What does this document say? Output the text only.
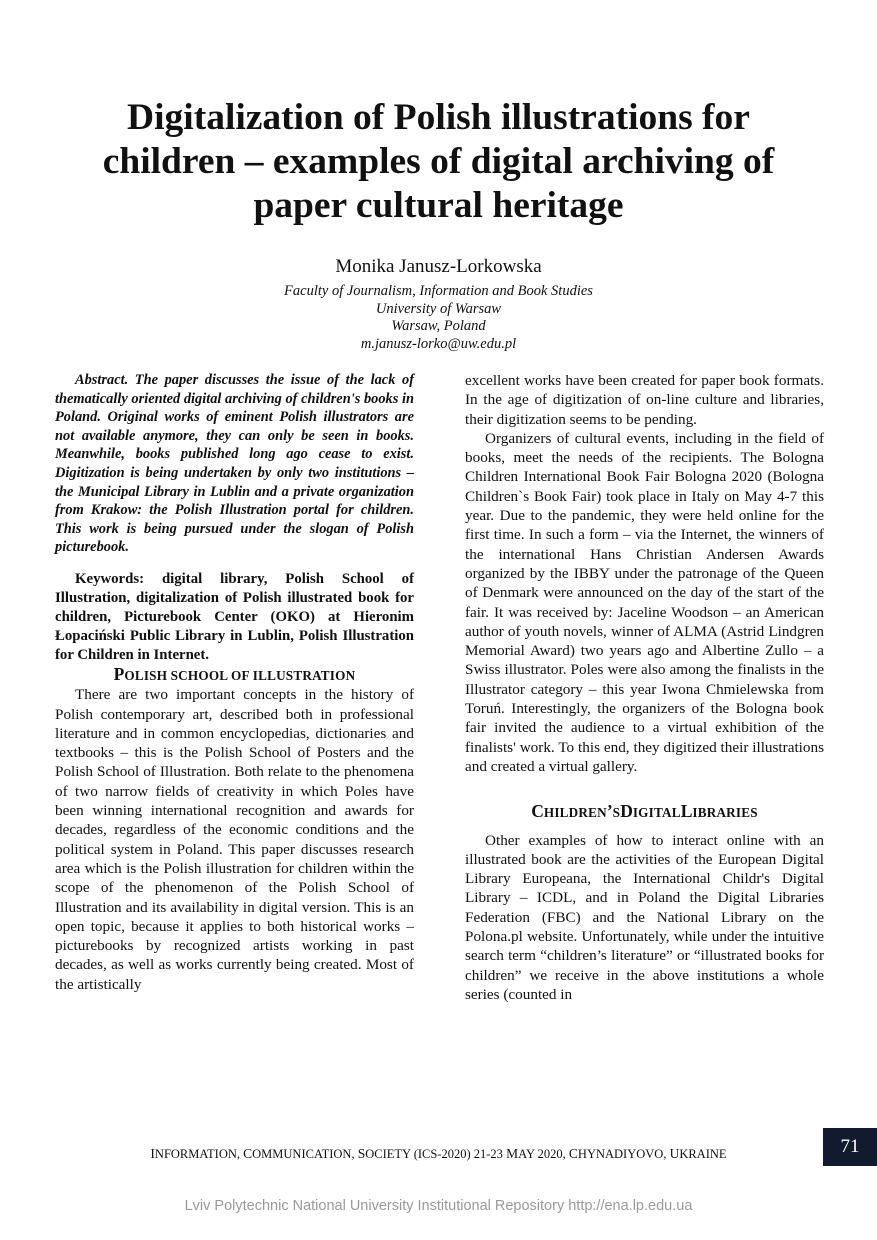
Digitalization of Polish illustrations for children – examples of digital archiving of paper cultural heritage
Monika Janusz-Lorkowska
Faculty of Journalism, Information and Book Studies
University of Warsaw
Warsaw, Poland
m.janusz-lorko@uw.edu.pl

Abstract. The paper discusses the issue of the lack of thematically oriented digital archiving of children's books in Poland. Original works of eminent Polish illustrators are not available anymore, they can only be seen in books. Meanwhile, books published long ago cease to exist. Digitization is being undertaken by only two institutions – the Municipal Library in Lublin and a private organization from Krakow: the Polish Illustration portal for children. This work is being pursued under the slogan of Polish picturebook.

Keywords: digital library, Polish School of Illustration, digitalization of Polish illustrated book for children, Picturebook Center (OKO) at Hieronim Łopaciński Public Library in Lublin, Polish Illustration for Children in Internet.

POLISH SCHOOL OF ILLUSTRATION

There are two important concepts in the history of Polish contemporary art, described both in professional literature and in common encyclopedias, dictionaries and textbooks – this is the Polish School of Posters and the Polish School of Illustration. Both relate to the phenomena of two narrow fields of creativity in which Poles have been winning international recognition and awards for decades, regardless of the economic conditions and the political system in Poland. This paper discusses research area which is the Polish illustration for children within the scope of the phenomenon of the Polish School of Illustration and its availability in digital version. This is an open topic, because it applies to both historical works – picturebooks by recognized artists working in past decades, as well as works currently being created. Most of the artistically

excellent works have been created for paper book formats. In the age of digitization of on-line culture and libraries, their digitization seems to be pending.

Organizers of cultural events, including in the field of books, meet the needs of the recipients. The Bologna Children International Book Fair Bologna 2020 (Bologna Children`s Book Fair) took place in Italy on May 4-7 this year. Due to the pandemic, they were held online for the first time. In such a form – via the Internet, the winners of the international Hans Christian Andersen Awards organized by the IBBY under the patronage of the Queen of Denmark were announced on the day of the start of the fair. It was received by: Jaceline Woodson – an American author of youth novels, winner of ALMA (Astrid Lindgren Memorial Award) two years ago and Albertine Zullo – a Swiss illustrator. Poles were also among the finalists in the Illustrator category – this year Iwona Chmielewska from Toruń. Interestingly, the organizers of the Bologna book fair invited the audience to a virtual exhibition of the finalists' work. To this end, they digitized their illustrations and created a virtual gallery.

CHILDREN’SDIGITALLIBRARIES

Other examples of how to interact online with an illustrated book are the activities of the European Digital Library Europeana, the International Childr's Digital Library – ICDL, and in Poland the Digital Libraries Federation (FBC) and the National Library on the Polona.pl website. Unfortunately, while under the intuitive search term “children’s literature” or “illustrated books for children” we receive in the above institutions a whole series (counted in

INFORMATION, COMMUNICATION, SOCIETY (ICS-2020) 21-23 MAY 2020, CHYNADIYOVO, UKRAINE	71
Lviv Polytechnic National University Institutional Repository http://ena.lp.edu.ua
